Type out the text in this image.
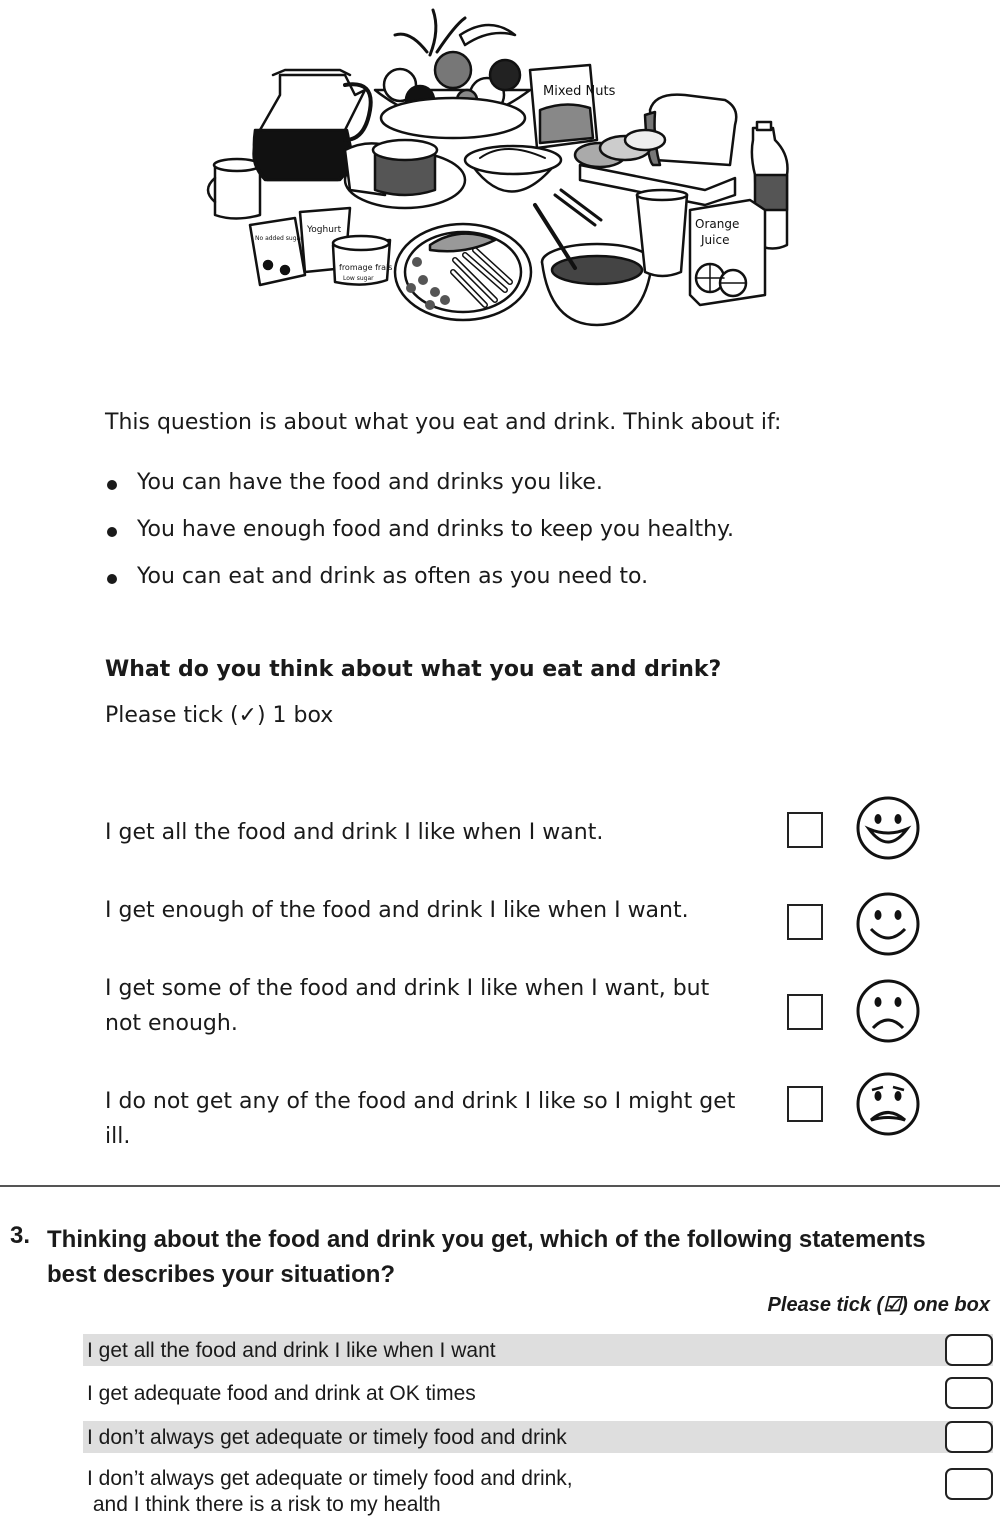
Mixed Nuts
Yoghurt
fromage frais
Low sugar
No added sugar
Orange
Juice

This question is about what you eat and drink. Think about if:

You can have the food and drinks you like.
You have enough food and drinks to keep you healthy.
You can eat and drink as often as you need to.

What do you think about what you eat and drink?

Please tick (✓) 1 box

I get all the food and drink I like when I want.

I get enough of the food and drink I like when I want.

I get some of the food and drink I like when I want, but not enough.

I do not get any of the food and drink I like so I might get ill.

3. Thinking about the food and drink you get, which of the following statements best describes your situation?

Please tick (☑) one box

I get all the food and drink I like when I want

I get adequate food and drink at OK times

I don’t always get adequate or timely food and drink

I don’t always get adequate or timely food and drink,
and I think there is a risk to my health
